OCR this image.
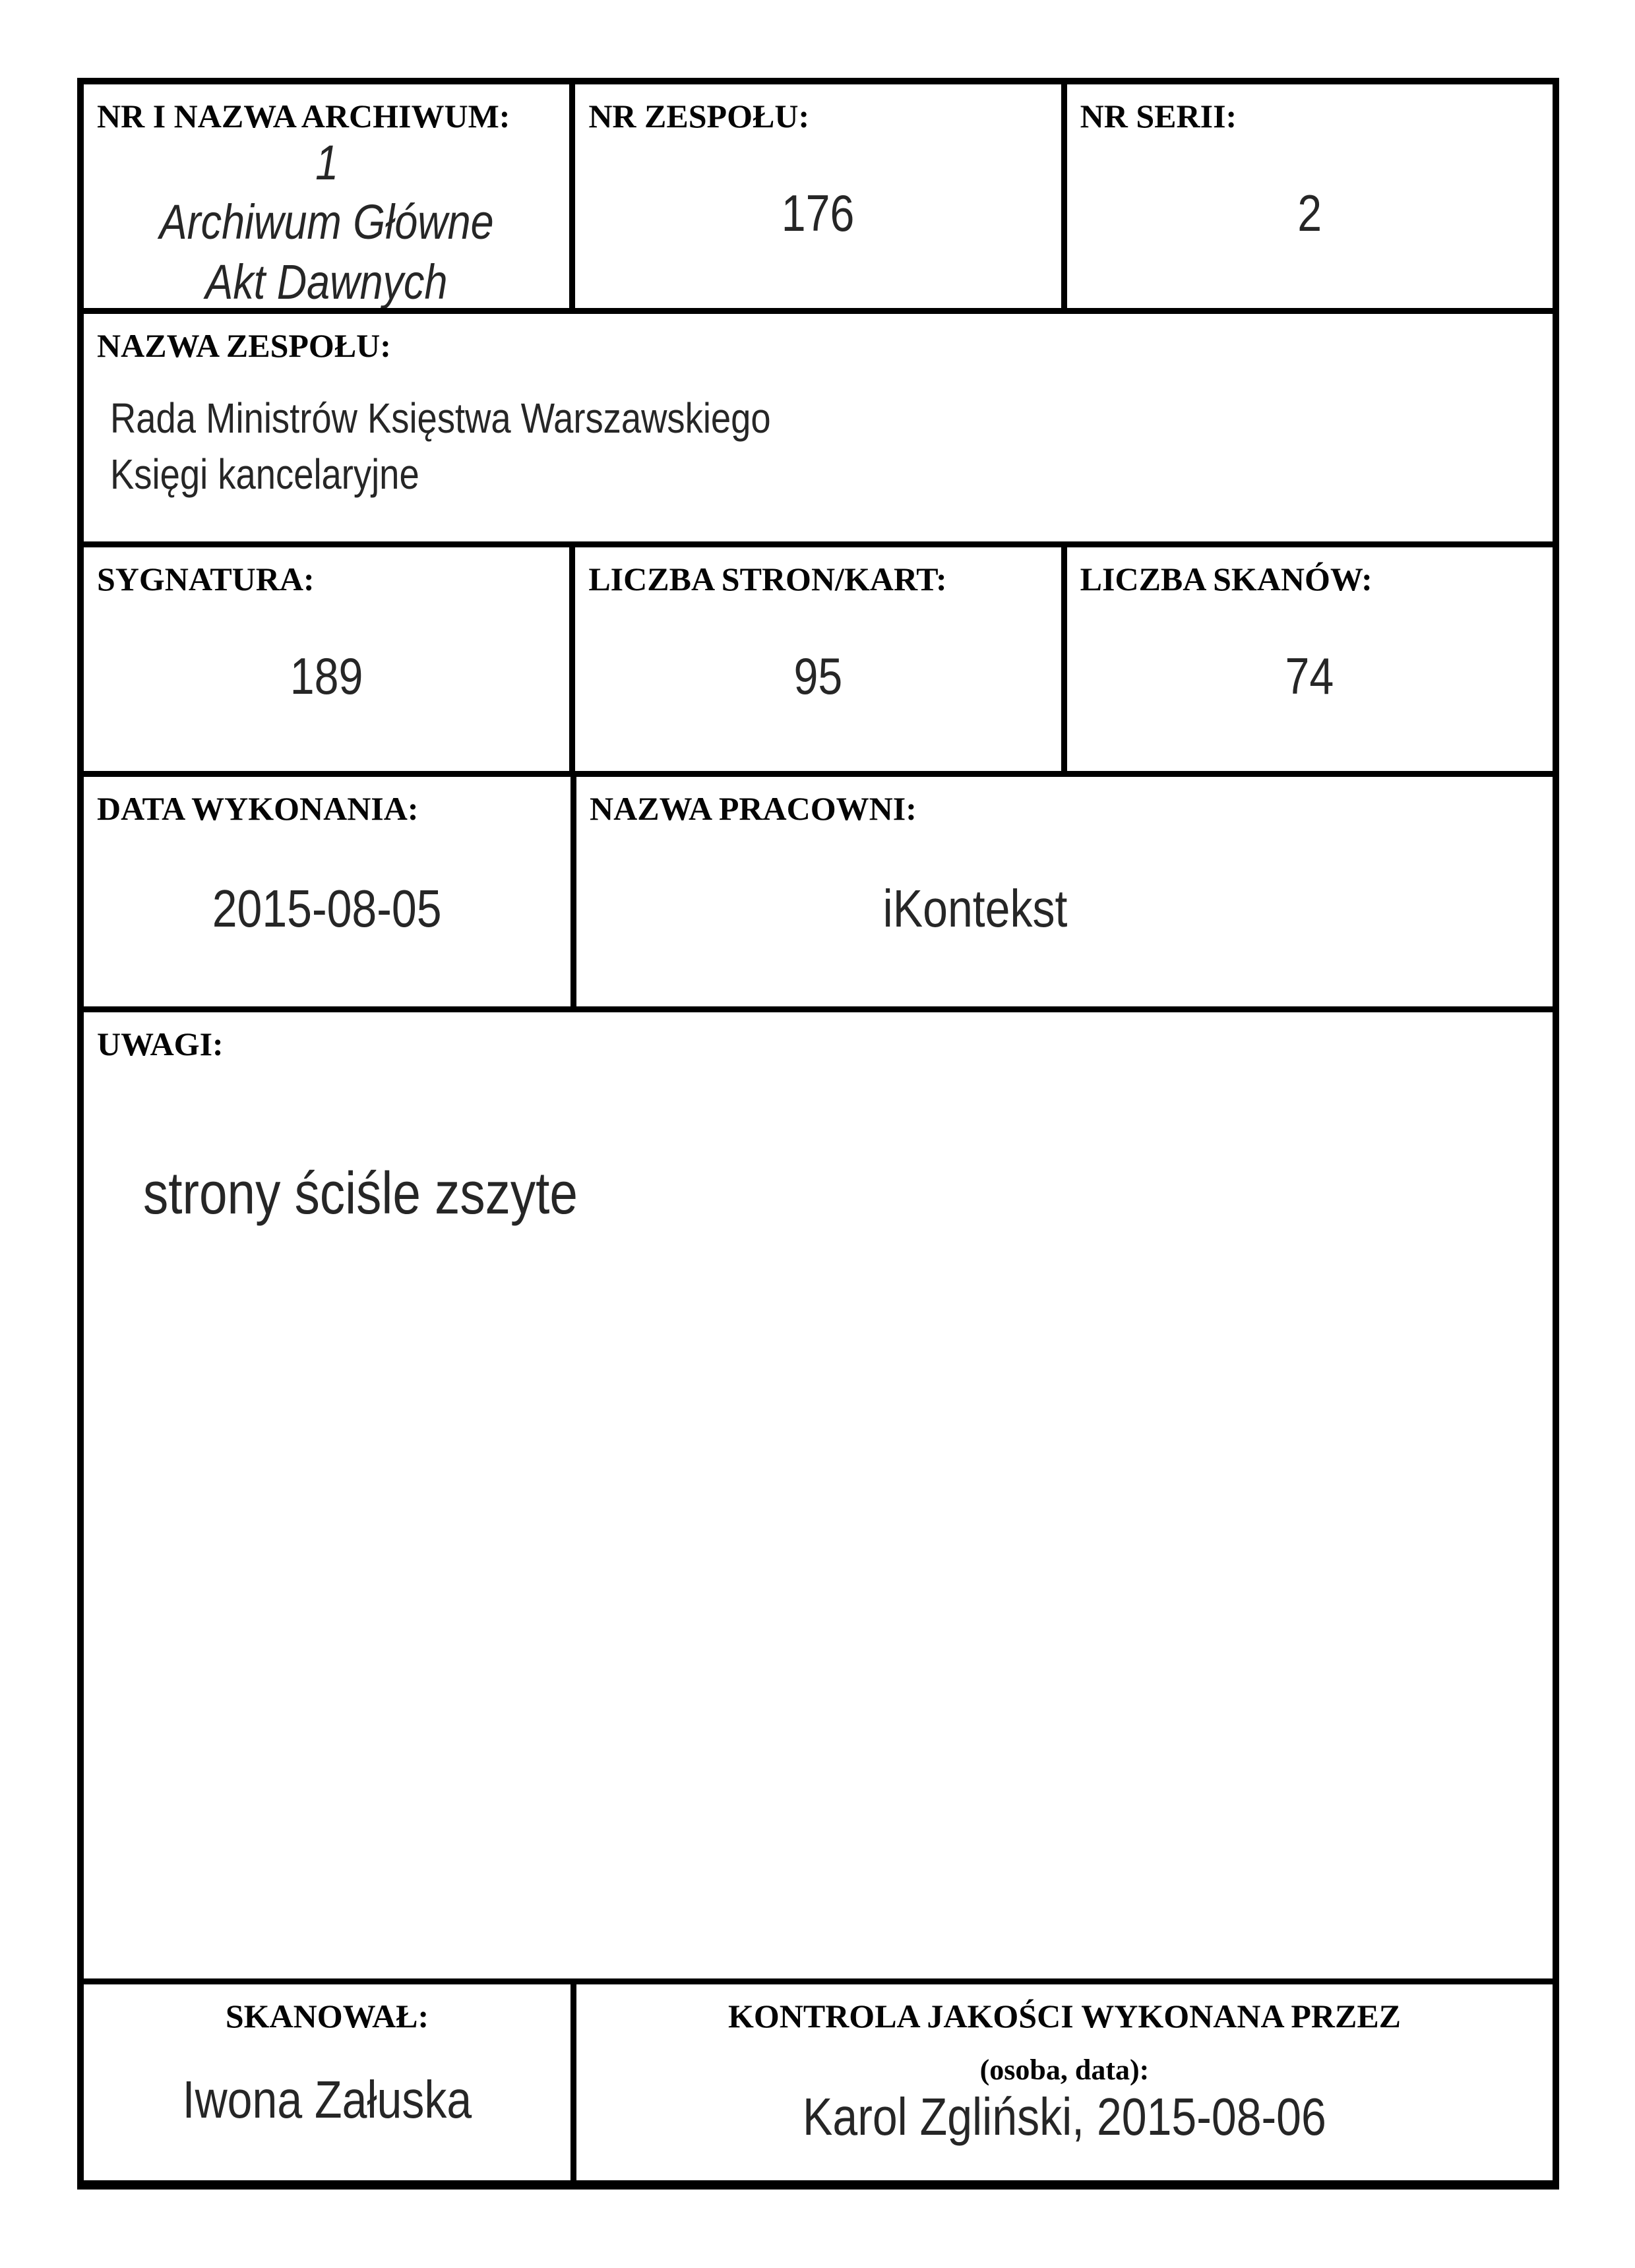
NR I NAZWA ARCHIWUM:
1
Archiwum Główne
Akt Dawnych
NR ZESPOŁU:
176
NR SERII:
2
NAZWA ZESPOŁU:
Rada Ministrów Księstwa Warszawskiego
Księgi kancelaryjne
SYGNATURA:
189
LICZBA STRON/KART:
95
LICZBA SKANÓW:
74
DATA WYKONANIA:
2015-08-05
NAZWA PRACOWNI:
iKontekst
UWAGI:
strony ściśle zszyte
SKANOWAŁ:
Iwona Załuska
KONTROLA JAKOŚCI WYKONANA PRZEZ
(osoba, data):
Karol Zgliński, 2015-08-06
